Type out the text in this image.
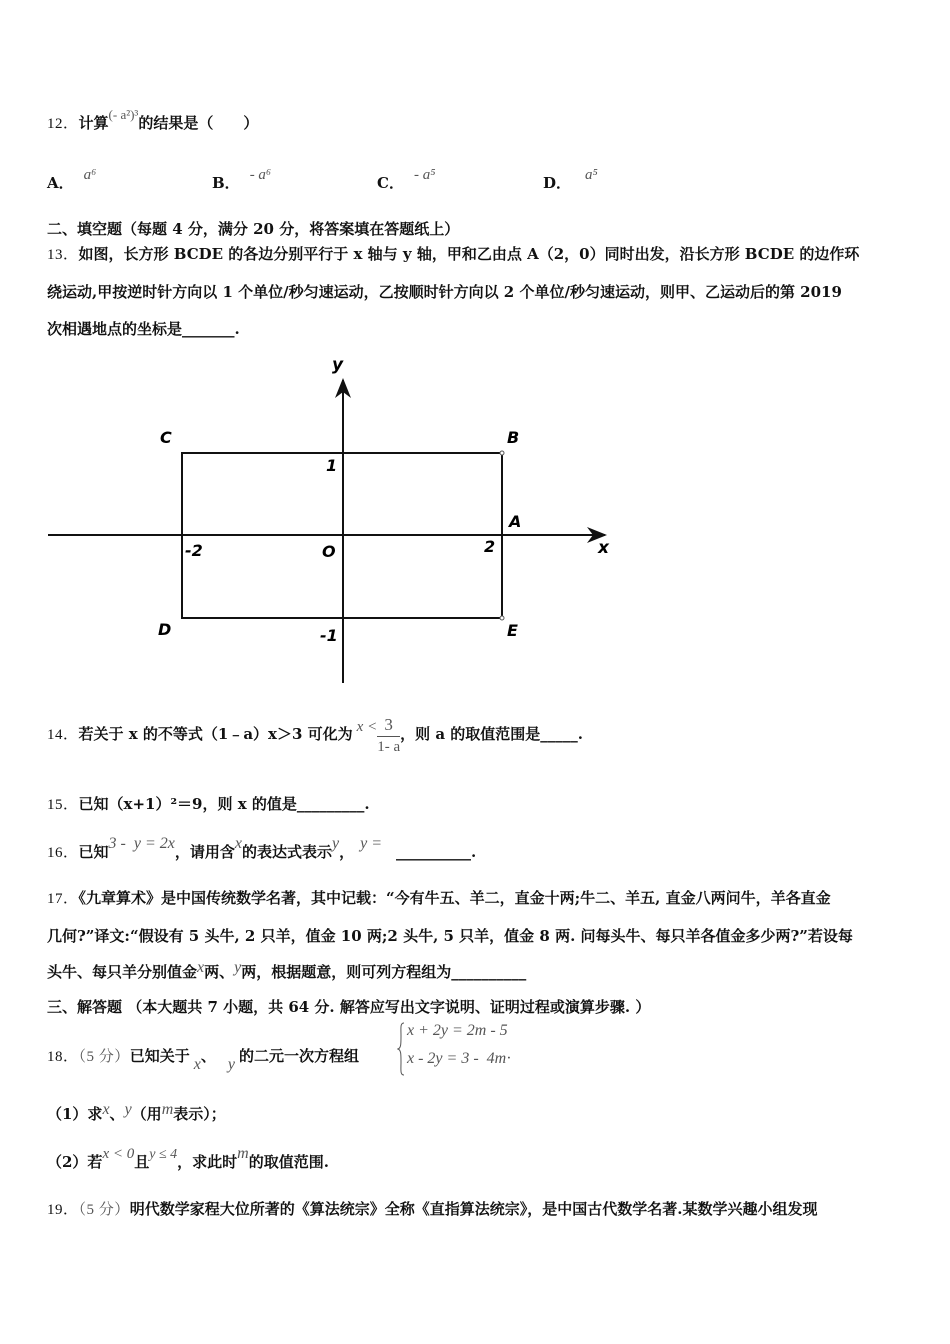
12．计算(- a²)³的结果是（　　）
A． a⁶	B． - a⁶	C． - a⁵	D． a⁵
二、填空题（每题 4 分，满分 20 分，将答案填在答题纸上）
13．如图，长方形 BCDE 的各边分别平行于 x 轴与 y 轴，甲和乙由点 A（2，0）同时出发，沿长方形 BCDE 的边作环
绕运动,甲按逆时针方向以 1 个单位/秒匀速运动，乙按顺时针方向以 2 个单位/秒匀速运动，则甲、乙运动后的第 2019
次相遇地点的坐标是_______.
y
x
C	B
A
D	E
O
1
-1
2
-2
14．若关于 x 的不等式（1﹣a）x＞3 可化为 $x < \frac{3}{1- a}$ ，则 a 的取值范围是_____.
15．已知（x+1）²＝9，则 x 的值是_________.
16．已知3 -  y = 2x，请用含x的表达式表示y， y = __________.
17．《九章算术》是中国传统数学名著，其中记载：“今有牛五、羊二，直金十两;牛二、羊五, 直金八两问牛，羊各直金
几何?”译文:“假设有 5 头牛, 2 只羊，值金 10 两;2 头牛, 5 只羊，值金 8 两. 问每头牛、每只羊各值金多少两?”若设每
头牛、每只羊分别值金x两、y两，根据题意，则可列方程组为__________
三、解答题 （本大题共 7 小题，共 64 分. 解答应写出文字说明、证明过程或演算步骤. ）
18．（5 分）已知关于 x、 y 的二元一次方程组
x + 2y = 2m - 5
x - 2y = 3 -  4m·
（1）求x、y（用m表示）；
（2）若x < 0且y ≤ 4，求此时m的取值范围.
19．（5 分）明代数学家程大位所著的《算法统宗》全称《直指算法统宗》，是中国古代数学名著.某数学兴趣小组发现
